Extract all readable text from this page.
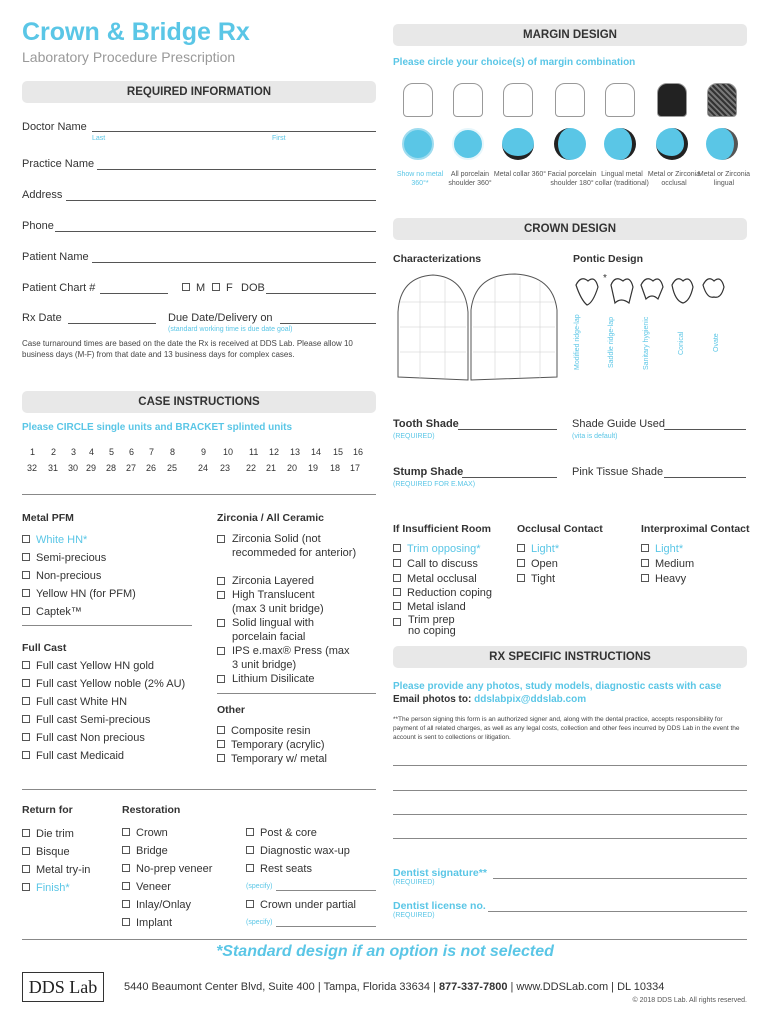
Crown & Bridge Rx
Laboratory Procedure Prescription
REQUIRED INFORMATION
Doctor Name
Last	First
Practice Name
Address
Phone
Patient Name
Patient Chart #	M	F DOB
Rx Date	Due Date/Delivery on
(standard working time is due date goal)
Case turnaround times are based on the date the Rx is received at DDS Lab. Please allow 10 business days (M-F) from that date and 13 business days for complex cases.
MARGIN DESIGN
Please circle your choice(s) of margin combination
Show no metal 360°*
All porcelain shoulder 360°
Metal collar 360° Facial porcelain shoulder 180°
Lingual metal collar (traditional)
Metal or Zirconia occlusal
Metal or Zirconia lingual
CROWN DESIGN
Characterizations	Pontic Design
*
Modified ridge-lap	Saddle ridge-lap	Sanitary hygienic	Conical	Ovate
Tooth Shade
(REQUIRED)
Shade Guide Used
(vita is default)
Stump Shade
(REQUIRED FOR E.MAX)
Pink Tissue Shade
CASE INSTRUCTIONS
Please CIRCLE single units and BRACKET splinted units
1 2 3 4 5 6 7 8	9 10 11 12 13 14 15 16
32 31 30 29 28 27 26 25 24 23 22 21 20 19 18 17
Metal PFM
White HN*
Semi-precious
Non-precious
Yellow HN (for PFM)
Captek™
Full Cast
Full cast Yellow HN gold
Full cast Yellow noble (2% AU)
Full cast White HN
Full cast Semi-precious
Full cast Non precious
Full cast Medicaid
Zirconia / All Ceramic
Zirconia Solid (not recommeded for anterior)
Zirconia Layered
High Translucent (max 3 unit bridge)
Solid lingual with porcelain facial
IPS e.max® Press (max 3 unit bridge)
Lithium Disilicate
Other
Composite resin
Temporary (acrylic)
Temporary w/ metal
If Insufficient Room
Trim opposing*
Call to discuss
Metal occlusal
Reduction coping
Metal island
Trim prep no coping
Occlusal Contact
Light*
Open
Tight
Interproximal Contact
Light*
Medium
Heavy
RX SPECIFIC INSTRUCTIONS
Please provide any photos, study models, diagnostic casts with case
Email photos to: ddslabpix@ddslab.com
**The person signing this form is an authorized signer and, along with the dental practice, accepts responsibility for payment of all related charges, as well as any legal costs, collection and other fees incurred by DDS Lab in the event the account is sent to collections or litigation.
Dentist signature**
(REQUIRED)
Dentist license no.
(REQUIRED)
Return for
Die trim
Bisque
Metal try-in
Finish*
Restoration
Crown
Bridge
No-prep veneer
Veneer
Inlay/Onlay
Implant
Post & core
Diagnostic wax-up
Rest seats
(specify)
Crown under partial
(specify)
*Standard design if an option is not selected
DDS Lab	5440 Beaumont Center Blvd, Suite 400 | Tampa, Florida 33634 | 877-337-7800 | www.DDSLab.com | DL 10334
© 2018 DDS Lab. All rights reserved.
